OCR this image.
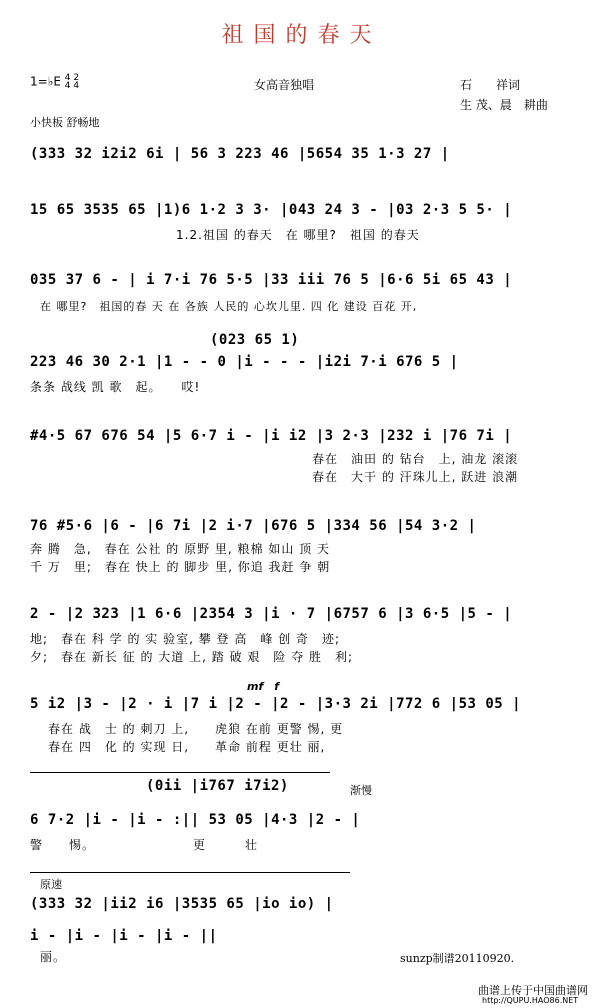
祖国的春天
1=♭E 4 2
4 4	女高音独唱	石　　祥词
生 茂、晨　耕曲
小快板 舒畅地
(333 32 i2i2 6i | 56 3 223 46 |5654 35 1·3 27 |
15 65 3535 65 |1)6 1·2 3 3· |043 24 3 - |03 2·3 5 5· |
1.2.祖国 的春天　在 哪里?　祖国 的春天
035 37 6 - | i 7·i 76 5·5 |33 iii 76 5 |6·6 5i 65 43 |
在 哪里?　祖国的春 天 在 各族 人民的 心坎儿里. 四 化 建设 百花 开,
(023 65 1)
223 46 30 2·1 |1 - - 0 |i - - - |i2i 7·i 676 5 |
条条 战线 凯 歌　起。　　哎!
#4·5 67 676 54 |5 6·7 i - |i i2 |3 2·3 |232 i |76 7i |
春在　油田 的 钻台　上, 油龙 滚滚
春在　大干 的 汗珠儿上, 跃进 浪潮
76 #5·6 |6 - |6 7i |2 i·7 |676 5 |334 56 |54 3·2 |
奔 腾　急,　春在 公社 的 原野 里, 粮棉 如山 顶 天
千 万　里;　春在 快上 的 脚步 里, 你追 我赶 争 朝
2 - |2 323 |1 6·6 |2354 3 |i · 7 |6757 6 |3 6·5 |5 - |
地;　春在 科 学 的 实 验室, 攀 登 高　峰 创 奇　迹;
夕;　春在 新长 征 的 大道 上, 踏 破 艰　险 夺 胜　利;
mf　f
5 i2 |3 - |2 · i |7 i |2 - |2 - |3·3 2i |772 6 |53 05 |
春在 战　士 的 刺刀 上,　　虎狼 在前 更警 惕, 更
春在 四　化 的 实现 日,　　革命 前程 更壮 丽,
(0ii |i767 i7i2)	渐慢
6 7·2 |i - |i - :|| 53 05 |4·3 |2 - |
警　　惕。　　　　　　　　更　　　壮
原速
(333 32 |ii2 i6 |3535 65 |io io) |
i - |i - |i - |i - ||
丽。	sunzp制谱20110920.
曲谱上传于中国曲谱网
http://QUPU.HAO86.NET
